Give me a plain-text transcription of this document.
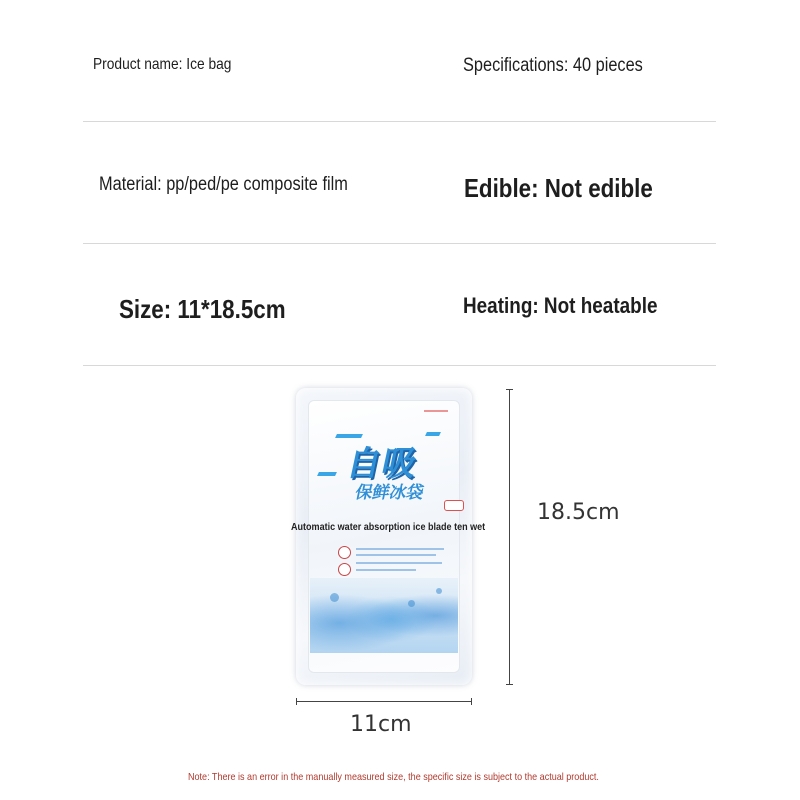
Product name: Ice bag	Specifications: 40 pieces
Material: pp/ped/pe composite film	Edible: Not edible
Size: 11*18.5cm	Heating: Not heatable
自吸
保鲜冰袋
Automatic water absorption ice blade ten wet
18.5cm
11cm
Note: There is an error in the manually measured size, the specific size is subject to the actual product.
